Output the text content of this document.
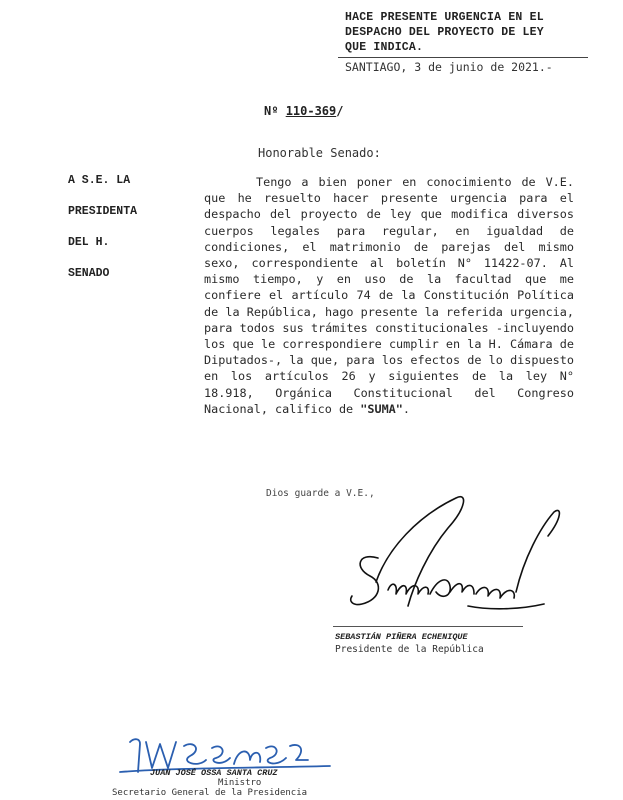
HACE PRESENTE URGENCIA EN EL
DESPACHO DEL PROYECTO DE LEY
QUE INDICA.
SANTIAGO, 3 de junio de 2021.-
Nº 110-369/
Honorable Senado:
A S.E. LA
PRESIDENTA
DEL H.
SENADO
Tengo a bien poner en conocimiento de V.E. que he resuelto hacer presente urgencia para el despacho del proyecto de ley que modifica diversos cuerpos legales para regular, en igualdad de condiciones, el matrimonio de parejas del mismo sexo, correspondiente al boletín N° 11422-07. Al mismo tiempo, y en uso de la facultad que me confiere el artículo 74 de la Constitución Política de la República, hago presente la referida urgencia, para todos sus trámites constitucionales -incluyendo los que le correspondiere cumplir en la H. Cámara de Diputados-, la que, para los efectos de lo dispuesto en los artículos 26 y siguientes de la ley N° 18.918, Orgánica Constitucional del Congreso Nacional, califico de "SUMA".
Dios guarde a V.E.,
SEBASTIÁN PIÑERA ECHENIQUE
Presidente de la República
JUAN JOSÉ OSSA SANTA CRUZ
Ministro
Secretario General de la Presidencia
